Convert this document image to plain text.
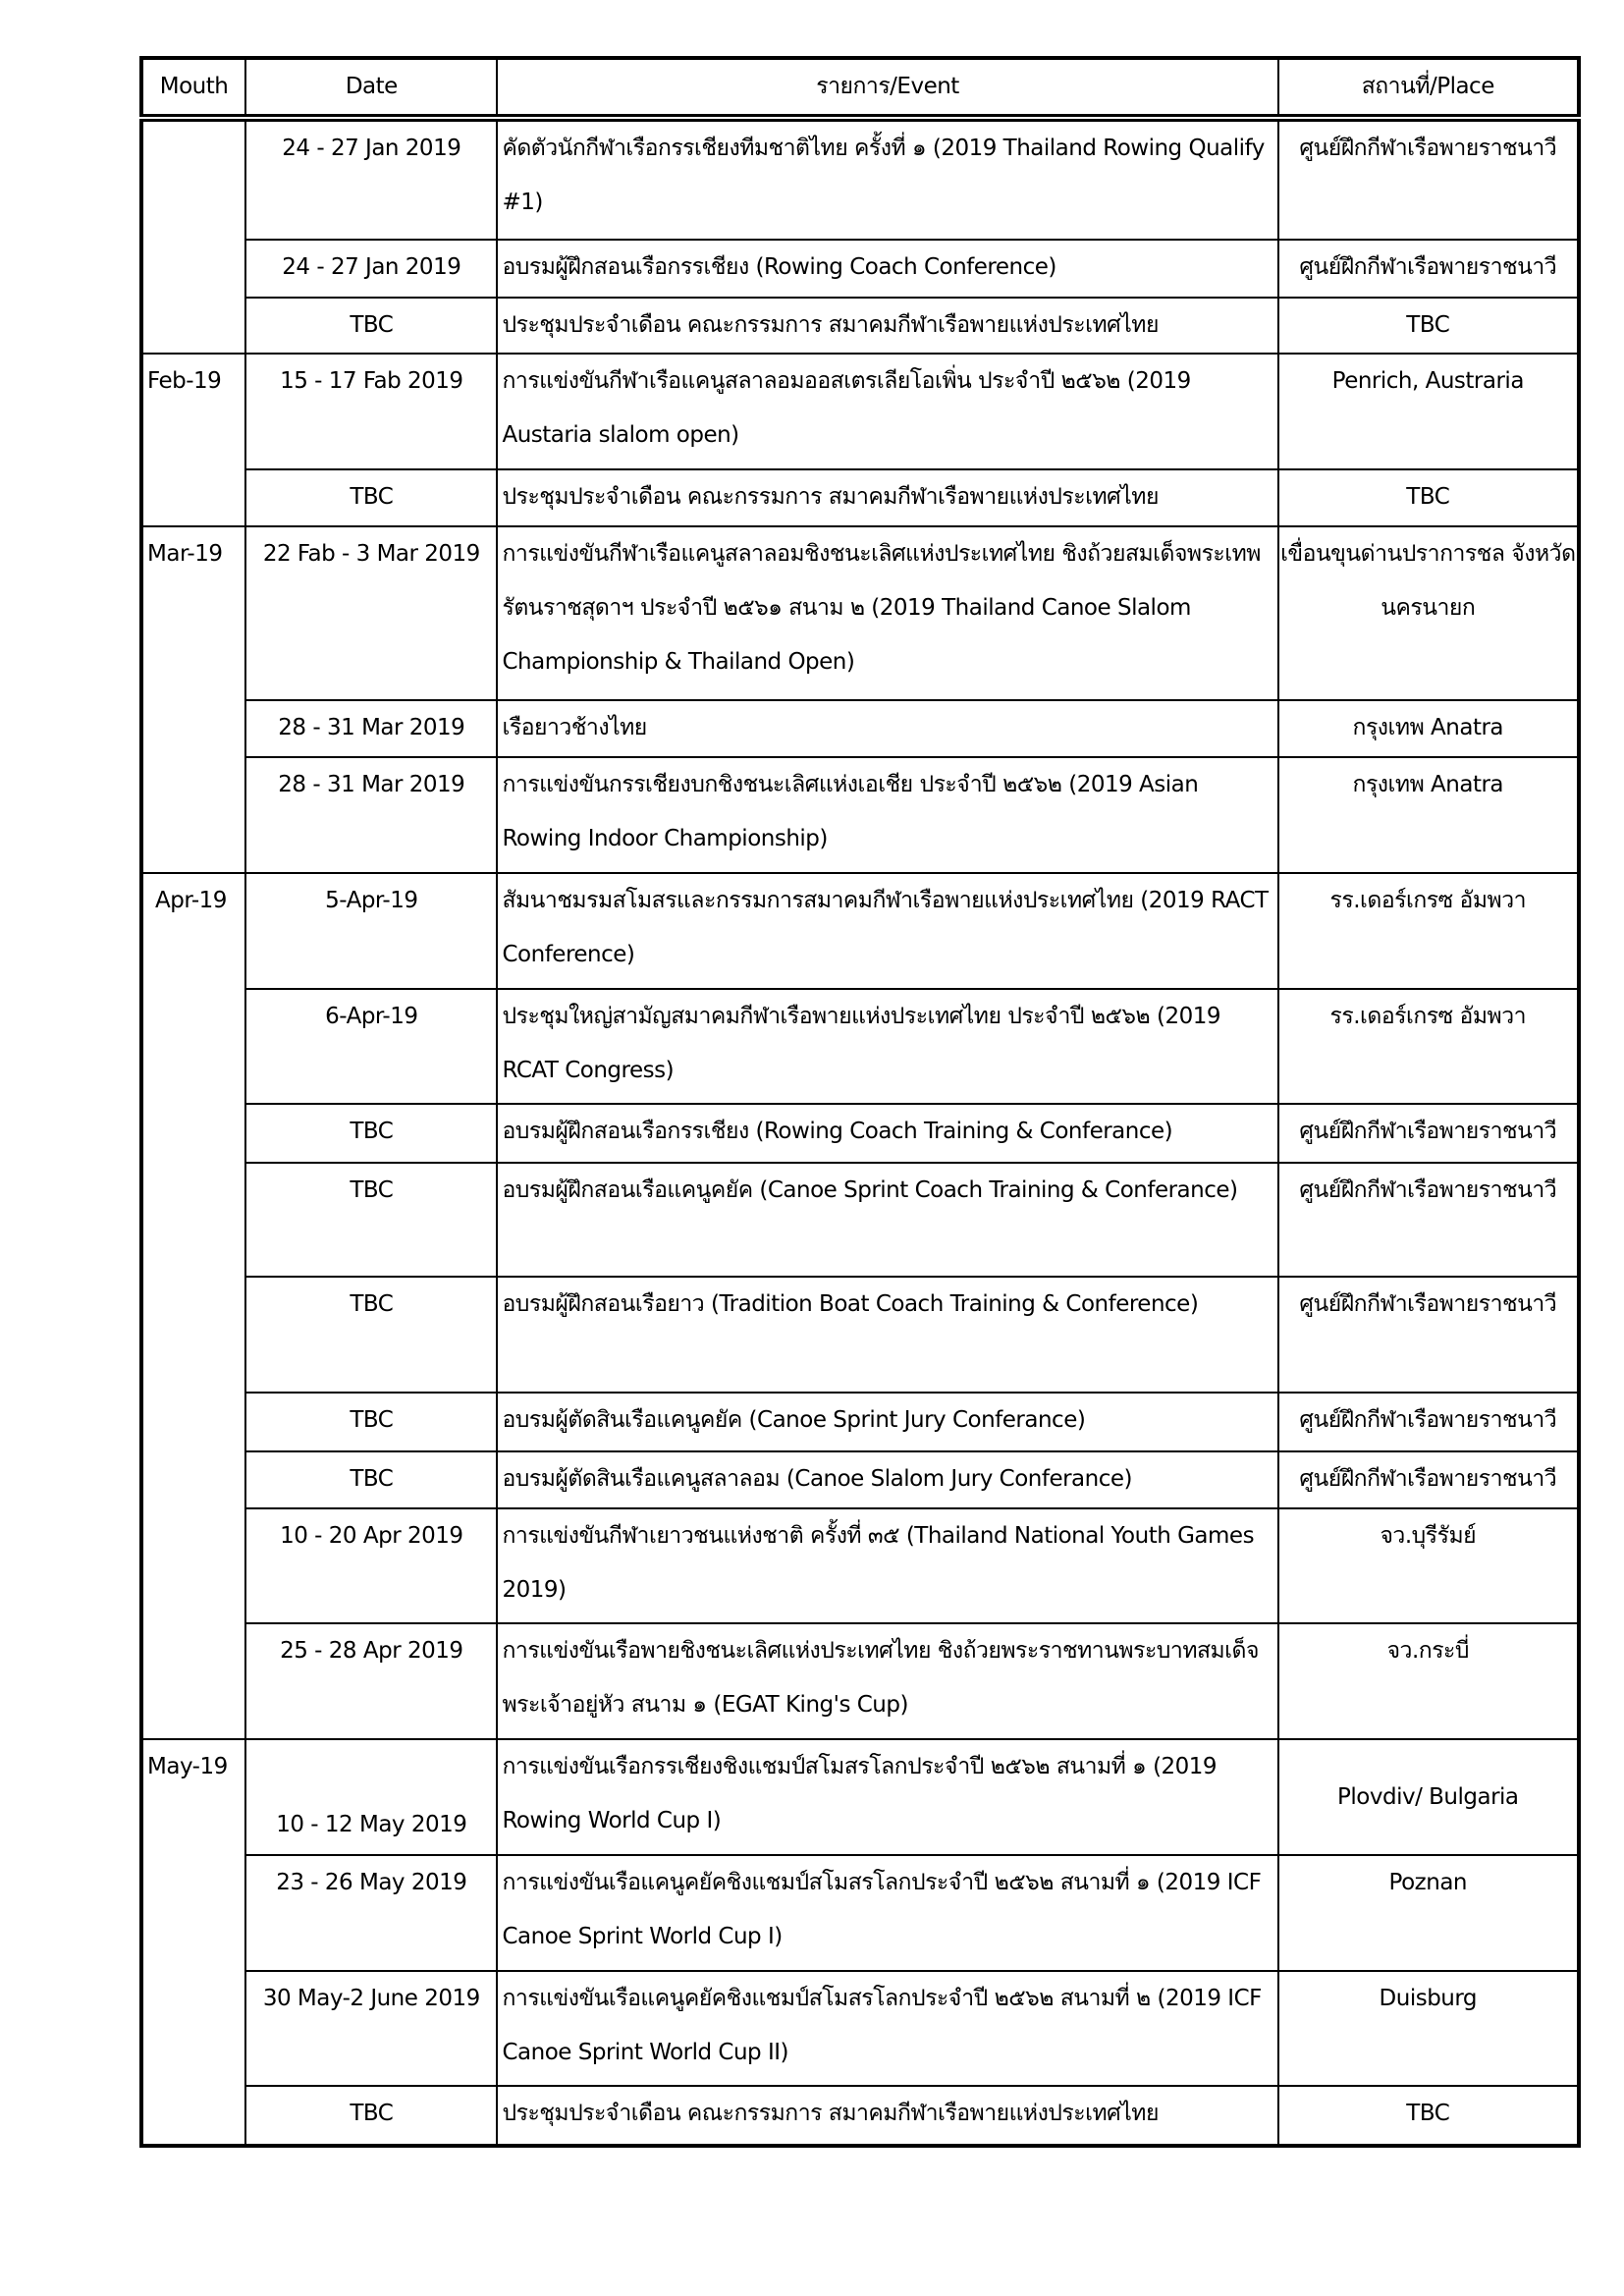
Mouth	Date	รายการ/Event	สถานที่/Place
	24 - 27 Jan 2019	คัดตัวนักกีฬาเรือกรรเชียงทีมชาติไทย ครั้งที่ ๑ (2019 Thailand Rowing Qualify #1)	ศูนย์ฝึกกีฬาเรือพายราชนาวี
	24 - 27 Jan 2019	อบรมผู้ฝึกสอนเรือกรรเชียง (Rowing Coach Conference)	ศูนย์ฝึกกีฬาเรือพายราชนาวี
	TBC	ประชุมประจำเดือน คณะกรรมการ สมาคมกีฬาเรือพายแห่งประเทศไทย	TBC
Feb-19	15 - 17 Fab 2019	การแข่งขันกีฬาเรือแคนูสลาลอมออสเตรเลียโอเพิ่น ประจำปี ๒๕๖๒ (2019 Austaria slalom open)	Penrich, Austraria
	TBC	ประชุมประจำเดือน คณะกรรมการ สมาคมกีฬาเรือพายแห่งประเทศไทย	TBC
Mar-19	22 Fab - 3 Mar 2019	การแข่งขันกีฬาเรือแคนูสลาลอมชิงชนะเลิศแห่งประเทศไทย ชิงถ้วยสมเด็จพระเทพรัตนราชสุดาฯ ประจำปี ๒๕๖๑ สนาม ๒ (2019 Thailand Canoe Slalom Championship & Thailand Open)	เขื่อนขุนด่านปราการชล จังหวัดนครนายก
	28 - 31 Mar 2019	เรือยาวช้างไทย	กรุงเทพ Anatra
	28 - 31 Mar 2019	การแข่งขันกรรเชียงบกชิงชนะเลิศแห่งเอเชีย ประจำปี ๒๕๖๒ (2019 Asian Rowing Indoor Championship)	กรุงเทพ Anatra
Apr-19	5-Apr-19	สัมนาชมรมสโมสรและกรรมการสมาคมกีฬาเรือพายแห่งประเทศไทย (2019 RACT Conference)	รร.เดอร์เกรซ อัมพวา
	6-Apr-19	ประชุมใหญ่สามัญสมาคมกีฬาเรือพายแห่งประเทศไทย ประจำปี ๒๕๖๒ (2019 RCAT Congress)	รร.เดอร์เกรซ อัมพวา
	TBC	อบรมผู้ฝึกสอนเรือกรรเชียง (Rowing Coach Training & Conferance)	ศูนย์ฝึกกีฬาเรือพายราชนาวี
	TBC	อบรมผู้ฝึกสอนเรือแคนูคยัค (Canoe Sprint Coach Training & Conferance)	ศูนย์ฝึกกีฬาเรือพายราชนาวี
	TBC	อบรมผู้ฝึกสอนเรือยาว (Tradition Boat Coach Training & Conference)	ศูนย์ฝึกกีฬาเรือพายราชนาวี
	TBC	อบรมผู้ตัดสินเรือแคนูคยัค (Canoe Sprint Jury Conferance)	ศูนย์ฝึกกีฬาเรือพายราชนาวี
	TBC	อบรมผู้ตัดสินเรือแคนูสลาลอม (Canoe Slalom Jury Conferance)	ศูนย์ฝึกกีฬาเรือพายราชนาวี
	10 - 20 Apr 2019	การแข่งขันกีฬาเยาวชนแห่งชาติ ครั้งที่ ๓๕ (Thailand National Youth Games 2019)	จว.บุรีรัมย์
	25 - 28 Apr 2019	การแข่งขันเรือพายชิงชนะเลิศแห่งประเทศไทย ชิงถ้วยพระราชทานพระบาทสมเด็จพระเจ้าอยู่หัว สนาม ๑ (EGAT King's Cup)	จว.กระบี่
May-19	10 - 12 May 2019	การแข่งขันเรือกรรเชียงชิงแชมป์สโมสรโลกประจำปี ๒๕๖๒ สนามที่ ๑ (2019 Rowing World Cup I)	Plovdiv/ Bulgaria
	23 - 26 May 2019	การแข่งขันเรือแคนูคยัคชิงแชมป์สโมสรโลกประจำปี ๒๕๖๒ สนามที่ ๑ (2019 ICF Canoe Sprint World Cup I)	Poznan
	30 May-2 June 2019	การแข่งขันเรือแคนูคยัคชิงแชมป์สโมสรโลกประจำปี ๒๕๖๒ สนามที่ ๒ (2019 ICF Canoe Sprint World Cup II)	Duisburg
	TBC	ประชุมประจำเดือน คณะกรรมการ สมาคมกีฬาเรือพายแห่งประเทศไทย	TBC
